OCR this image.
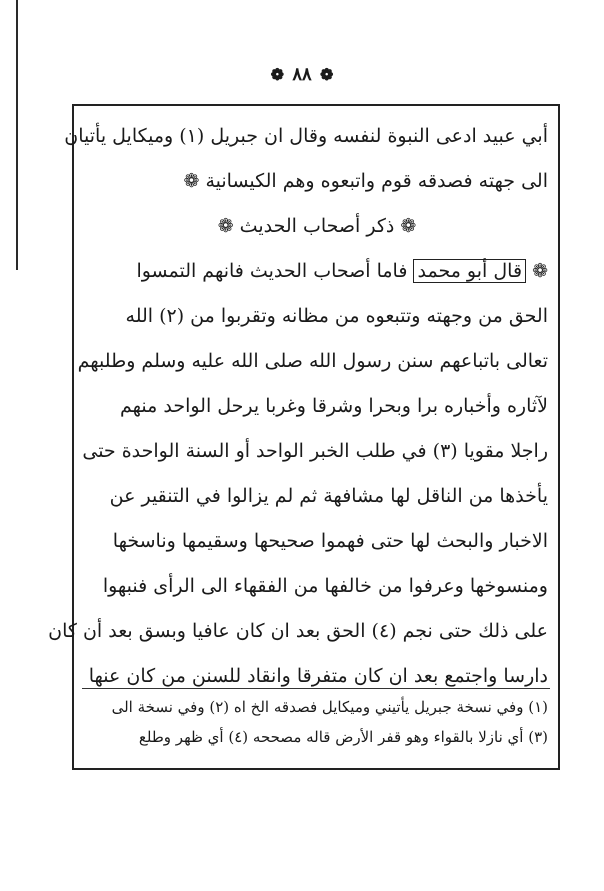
❁ ٨٨ ❁
أبي عبيد ادعى النبوة لنفسه وقال ان جبريل (١) وميكايل يأتيان
الى جهته فصدقه قوم واتبعوه وهم الكيسانية ❁
❁ ذكر أصحاب الحديث ❁
❁ قال أبو محمد فاما أصحاب الحديث فانهم التمسوا
الحق من وجهته وتتبعوه من مظانه وتقربوا من (٢) الله
تعالى باتباعهم سنن رسول الله صلى الله عليه وسلم وطلبهم
لآثاره وأخباره برا وبحرا وشرقا وغربا يرحل الواحد منهم
راجلا مقويا (٣) في طلب الخبر الواحد أو السنة الواحدة حتى
يأخذها من الناقل لها مشافهة ثم لم يزالوا في التنقير عن
الاخبار والبحث لها حتى فهموا صحيحها وسقيمها وناسخها
ومنسوخها وعرفوا من خالفها من الفقهاء الى الرأى فنبهوا
على ذلك حتى نجم (٤) الحق بعد ان كان عافيا وبسق بعد أن كان
دارسا واجتمع بعد ان كان متفرقا وانقاد للسنن من كان عنها
(١) وفي نسخة جبريل يأتيني وميكايل فصدقه الخ اه (٢) وفي نسخة الى
(٣) أي نازلا بالقواء وهو قفر الأرض قاله مصححه (٤) أي ظهر وطلع
